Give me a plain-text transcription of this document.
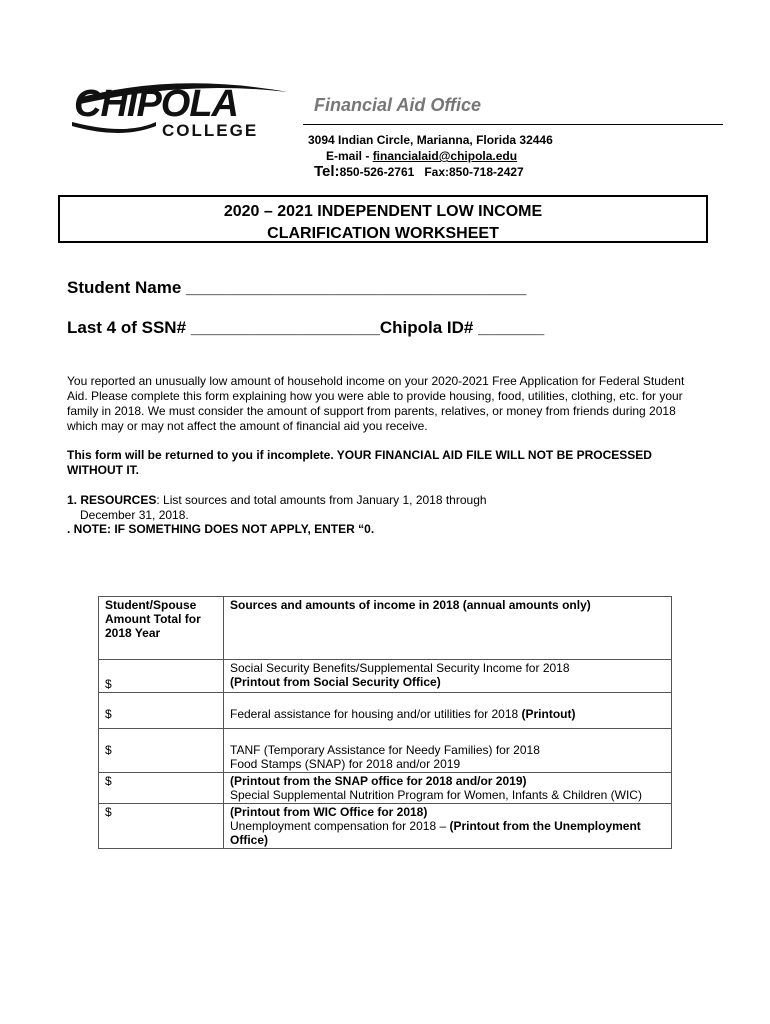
CHIPOLA
COLLEGE
Financial Aid Office
3094 Indian Circle, Marianna, Florida 32446
E-mail - financialaid@chipola.edu
Tel:850-526-2761 Fax:850-718-2427
2020 – 2021 INDEPENDENT LOW INCOME
CLARIFICATION WORKSHEET
Student Name ____________________________________
Last 4 of SSN# ____________________Chipola ID# _______
You reported an unusually low amount of household income on your 2020-2021 Free Application for Federal Student Aid. Please complete this form explaining how you were able to provide housing, food, utilities, clothing, etc. for your family in 2018. We must consider the amount of support from parents, relatives, or money from friends during 2018 which may or may not affect the amount of financial aid you receive.
This form will be returned to you if incomplete. YOUR FINANCIAL AID FILE WILL NOT BE PROCESSED WITHOUT IT.
1. RESOURCES: List sources and total amounts from January 1, 2018 through
December 31, 2018.
. NOTE: IF SOMETHING DOES NOT APPLY, ENTER “0.
Student/Spouse Amount Total for 2018 Year	Sources and amounts of income in 2018 (annual amounts only)
$	Social Security Benefits/Supplemental Security Income for 2018
(Printout from Social Security Office)
$	Federal assistance for housing and/or utilities for 2018 (Printout)
$	TANF (Temporary Assistance for Needy Families) for 2018
Food Stamps (SNAP) for 2018 and/or 2019
$	(Printout from the SNAP office for 2018 and/or 2019)
Special Supplemental Nutrition Program for Women, Infants & Children (WIC)
$	(Printout from WIC Office for 2018)
Unemployment compensation for 2018 – (Printout from the Unemployment Office)
